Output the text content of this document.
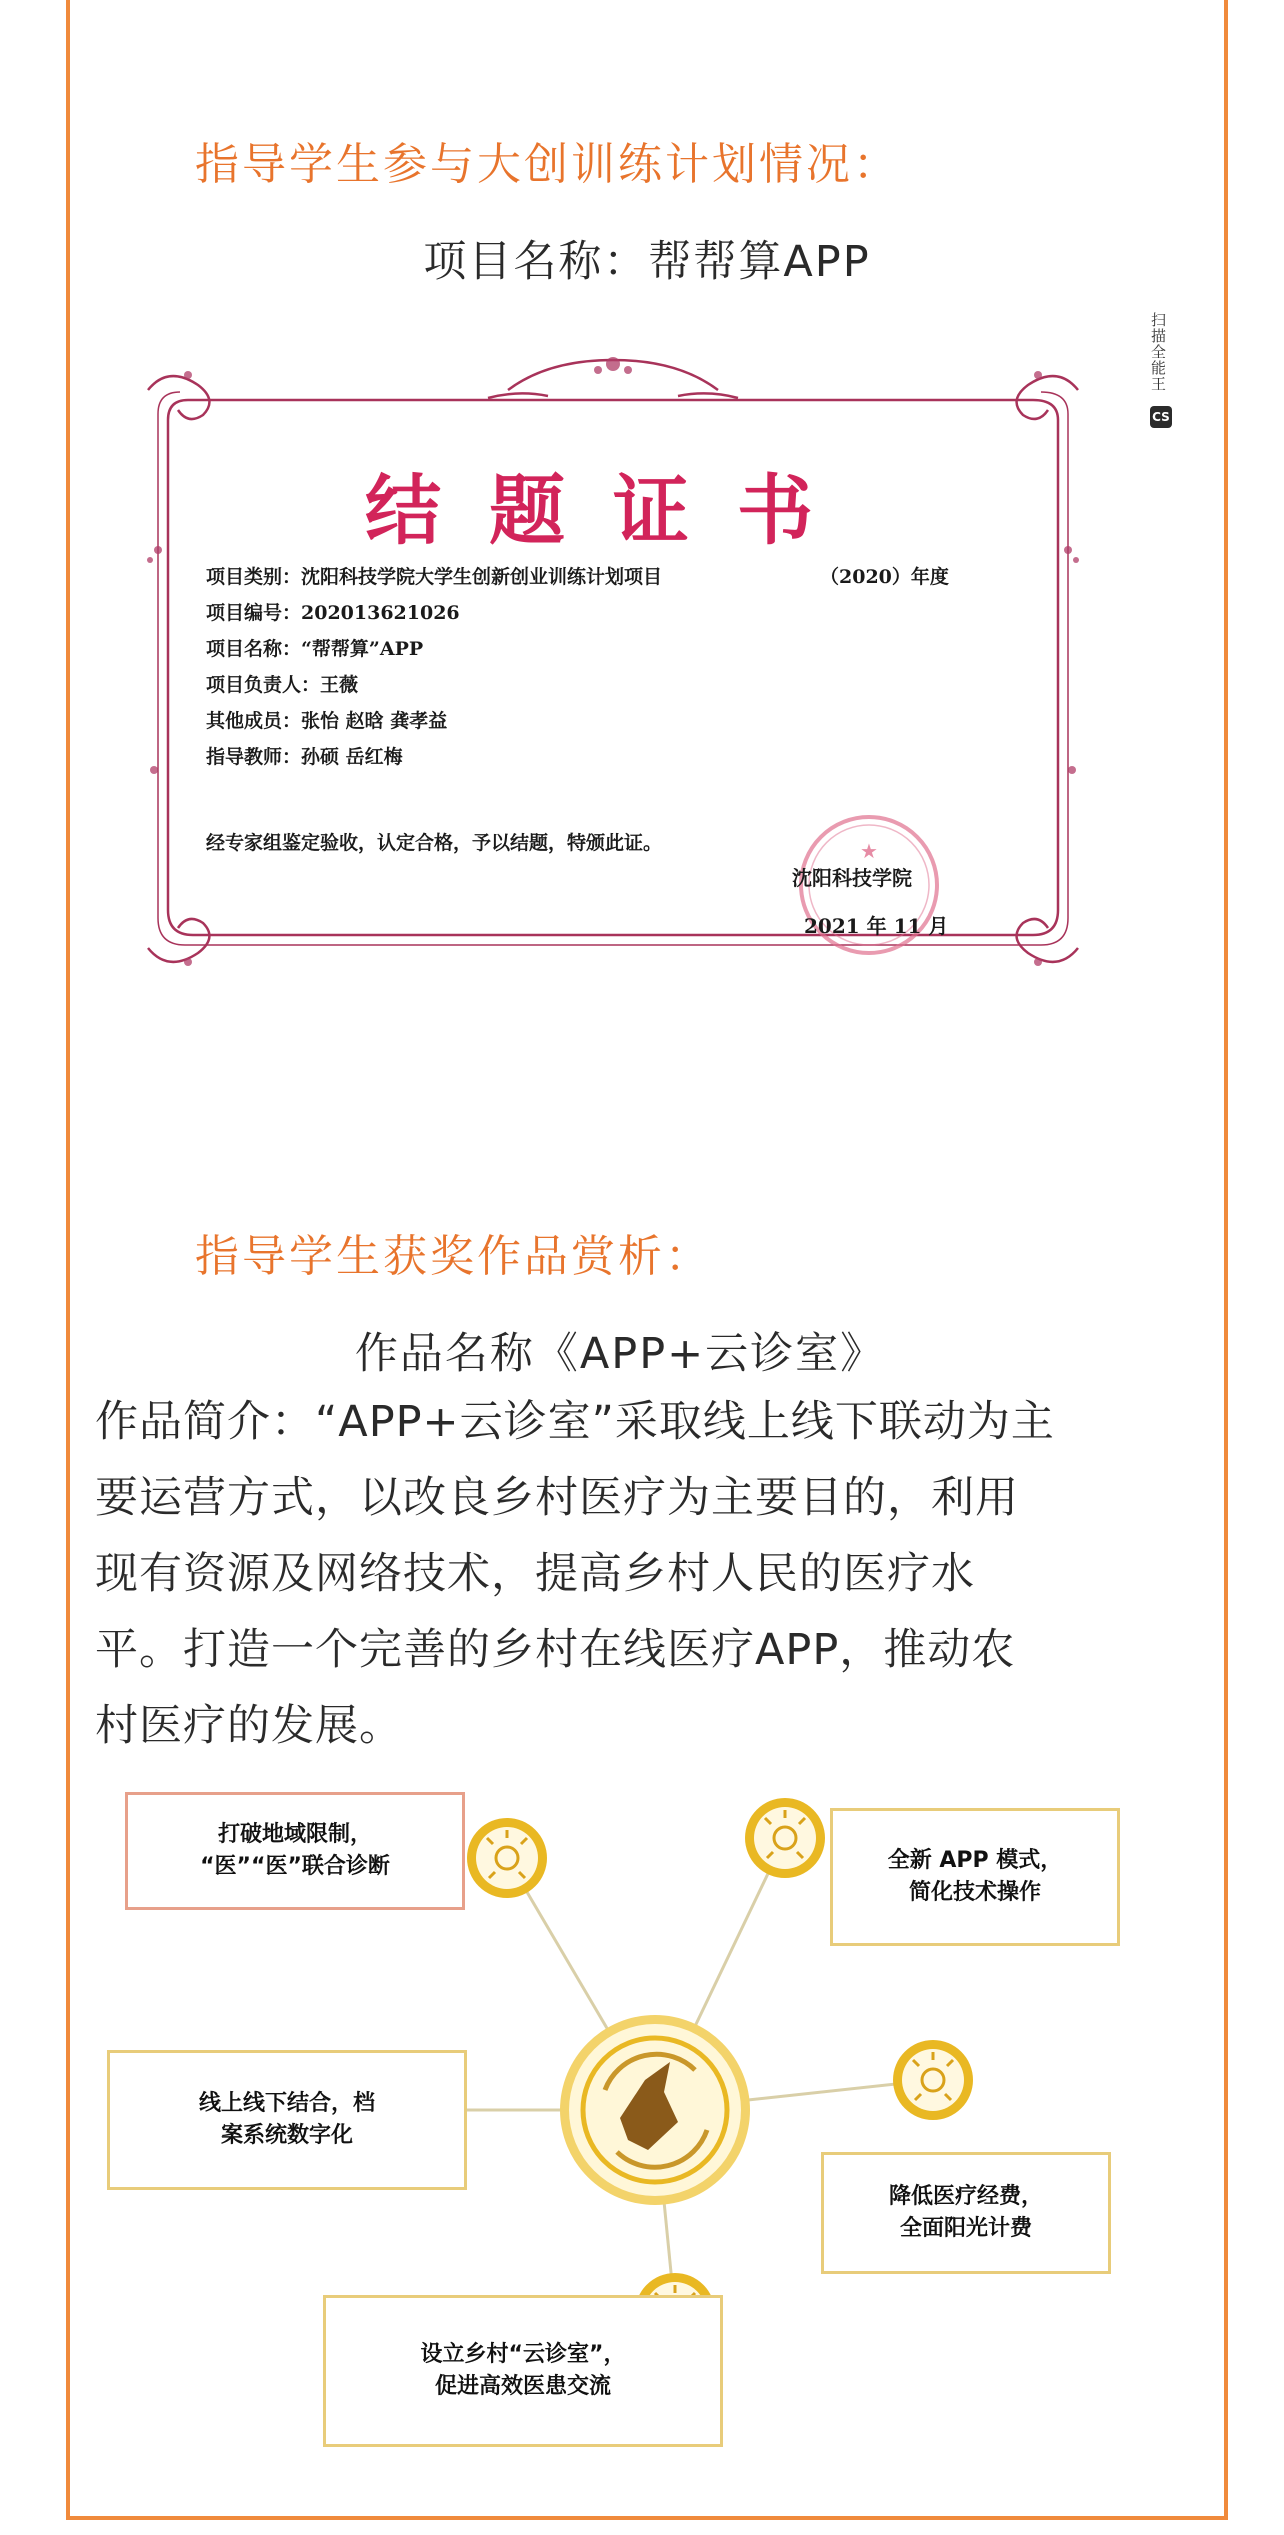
指导学生参与大创训练计划情况：
项目名称：帮帮算APP
结题证书
项目类别：沈阳科技学院大学生创新创业训练计划项目	（2020）年度
项目编号：202013621026
项目名称：“帮帮算”APP
项目负责人：王薇
其他成员：张怡 赵晗 龚孝益
指导教师：孙硕 岳红梅
经专家组鉴定验收，认定合格，予以结题，特颁此证。	★
沈阳科技学院
2021 年 11 月
扫描全能王
CS
指导学生获奖作品赏析：
作品名称《APP+云诊室》
作品简介：“APP+云诊室”采取线上线下联动为主
要运营方式，以改良乡村医疗为主要目的，利用
现有资源及网络技术，提高乡村人民的医疗水
平。打造一个完善的乡村在线医疗APP，推动农
村医疗的发展。
打破地域限制，
“医”“医”联合诊断	全新 APP 模式，
简化技术操作
线上线下结合，档
案系统数字化
降低医疗经费，
全面阳光计费
设立乡村“云诊室”，
促进高效医患交流
